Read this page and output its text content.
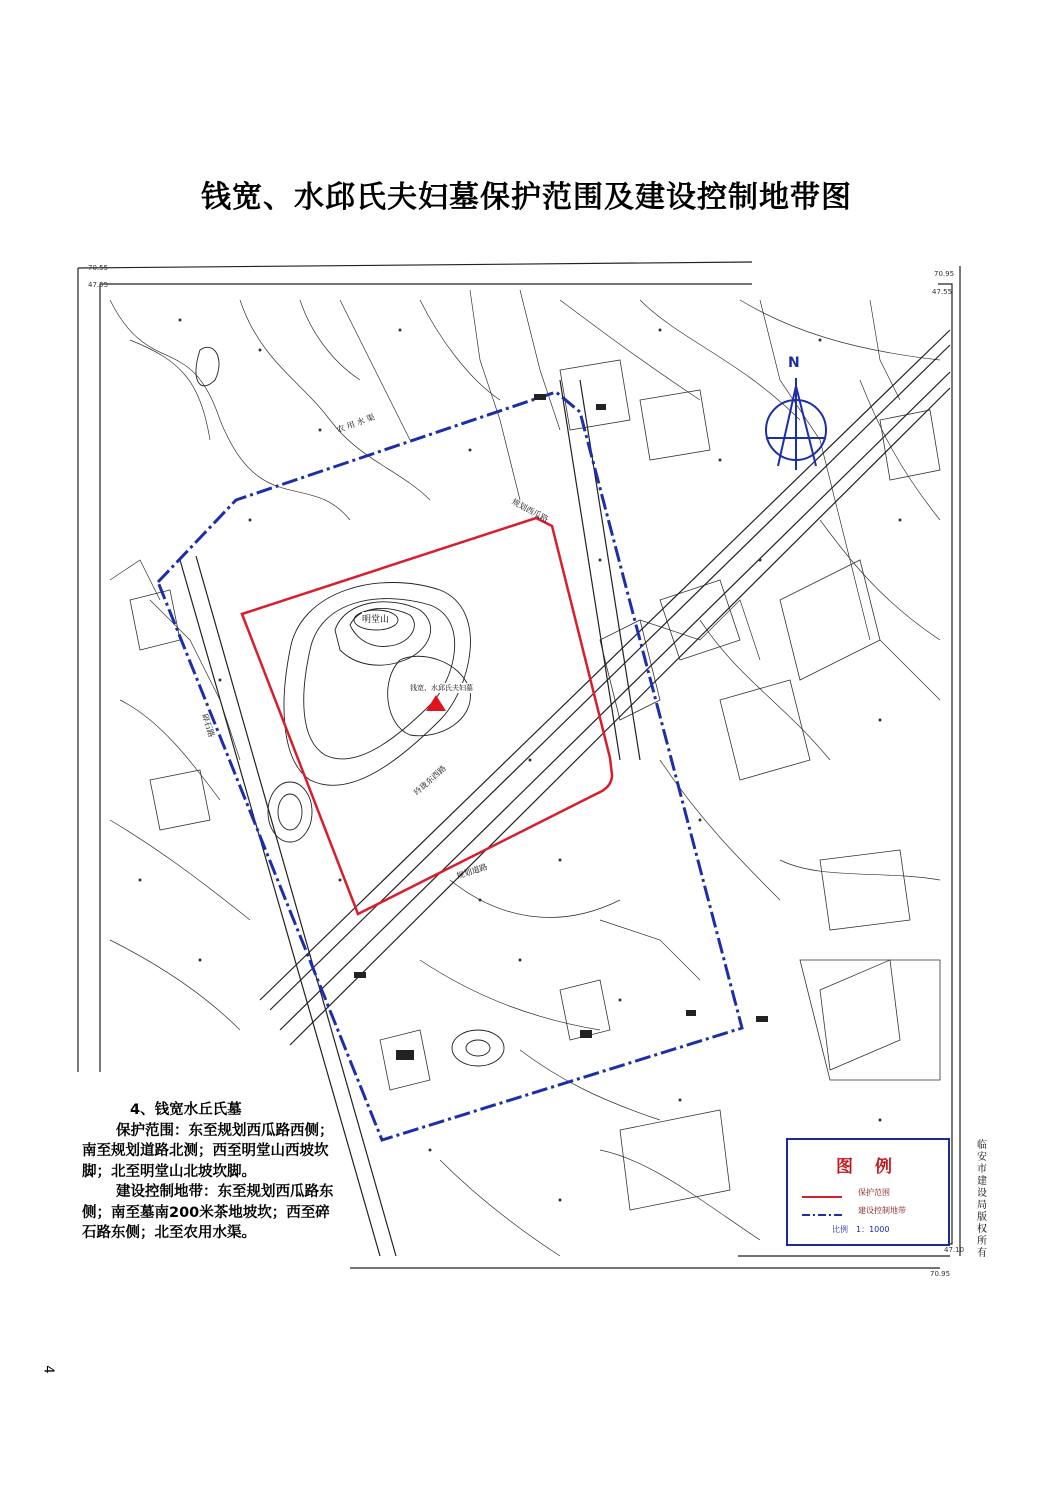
钱宽、水邱氏夫妇墓保护范围及建设控制地带图
70.55
47.55
70.95
47.55
70.95
47.10
明堂山
钱宽、水邱氏夫妇墓
N
农 用 水 渠
规划西瓜路
规划道路
玲珑东西路
碎石路
4、钱宽水丘氏墓

保护范围：东至规划西瓜路西侧；南至规划道路北测；西至明堂山西坡坎脚；北至明堂山北坡坎脚。

建设控制地带：东至规划西瓜路东侧；南至墓南200米茶地坡坎；西至碎石路东侧；北至农用水渠。

图 例
保护范围
建设控制地带
比例　1：1000
临安市建设局版权所有
4
